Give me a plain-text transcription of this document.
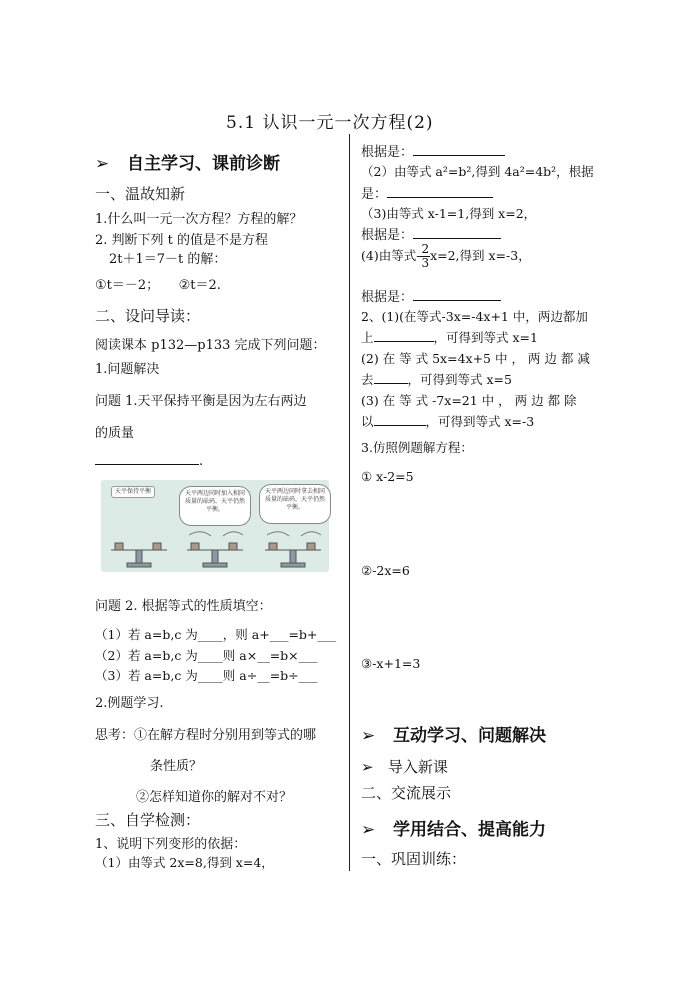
5.1 认识一元一次方程(2)
➢ 自主学习、课前诊断
一、温故知新
1.什么叫一元一次方程？方程的解？
2. 判断下列 t 的值是不是方程
2t＋1＝7－t 的解：
①t＝－2；　　②t＝2.
二、设问导读：
阅读课本 p132—p133 完成下列问题：
1.问题解决
问题 1.天平保持平衡是因为左右两边
的质量
.
天平保持平衡	天平两边同时加入相同质量的砝码，天平仍然平衡。
天平两边同时拿去相同质量的砝码，天平仍然平衡。
问题 2. 根据等式的性质填空：
（1）若 a=b,c 为____，则 a+___=b+___
（2）若 a=b,c 为____则 a×__=b×___
（3）若 a=b,c 为____则 a÷__=b÷___
2.例题学习.
思考：①在解方程时分别用到等式的哪
条性质？
②怎样知道你的解对不对？
三、自学检测：
1、说明下列变形的依据：
（1）由等式 2x=8,得到 x=4，
根据是：
（2）由等式 a²=b²,得到 4a²=4b²，根据
是：
（3)由等式 x-1=1,得到 x=2，
根据是：
(4)由等式- $\frac{2}{3} x=2$,得到 x=-3，
根据是：
2、(1)(在等式-3x=-4x+1 中，两边都加
上	，可得到等式 x=1
(2) 在 等 式 5x=4x+5 中 ， 两 边 都 减
去	，可得到等式 x=5
(3) 在 等 式 -7x=21 中 ， 两 边 都 除
以	，可得到等式 x=-3
3.仿照例题解方程：
① x-2=5
②-2x=6
③-x+1=3
➢ 互动学习、问题解决
➢ 导入新课
二、交流展示
➢ 学用结合、提高能力
一、巩固训练：
